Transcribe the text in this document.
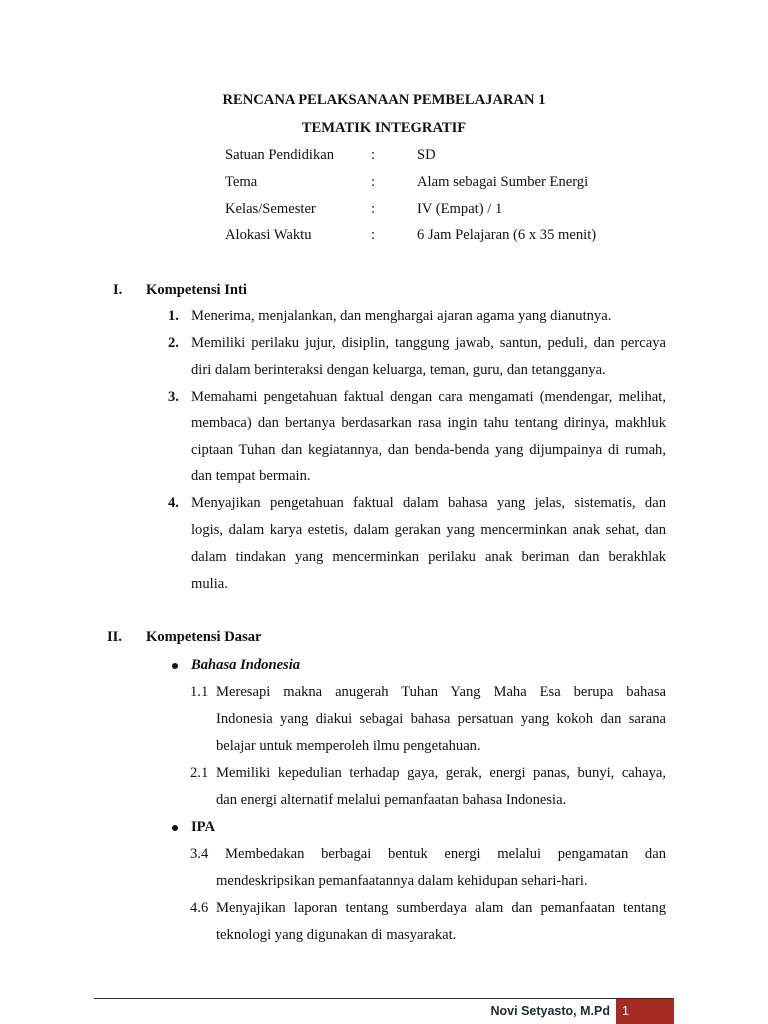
RENCANA PELAKSANAAN PEMBELAJARAN 1
TEMATIK INTEGRATIF
Satuan Pendidikan	:	SD
Tema	:	Alam sebagai Sumber Energi
Kelas/Semester	:	IV (Empat) / 1
Alokasi Waktu	:	6 Jam Pelajaran (6 x 35 menit)
I. Kompetensi Inti
1. Menerima, menjalankan, dan menghargai ajaran agama yang dianutnya.
2. Memiliki perilaku jujur, disiplin, tanggung jawab, santun, peduli, dan percaya
diri dalam berinteraksi dengan keluarga, teman, guru, dan tetangganya.
3. Memahami pengetahuan faktual dengan cara mengamati (mendengar, melihat,
membaca) dan bertanya berdasarkan rasa ingin tahu tentang dirinya, makhluk
ciptaan Tuhan dan kegiatannya, dan benda-benda yang dijumpainya di rumah,
dan tempat bermain.
4. Menyajikan pengetahuan faktual dalam bahasa yang jelas, sistematis, dan
logis, dalam karya estetis, dalam gerakan yang mencerminkan anak sehat, dan
dalam tindakan yang mencerminkan perilaku anak beriman dan berakhlak
mulia.
II. Kompetensi Dasar
Bahasa Indonesia
1.1 Meresapi makna anugerah Tuhan Yang Maha Esa berupa bahasa
Indonesia yang diakui sebagai bahasa persatuan yang kokoh dan sarana
belajar untuk memperoleh ilmu pengetahuan.
2.1 Memiliki kepedulian terhadap gaya, gerak, energi panas, bunyi, cahaya,
dan energi alternatif melalui pemanfaatan bahasa Indonesia.
IPA
3.4 Membedakan berbagai bentuk energi melalui pengamatan dan
mendeskripsikan pemanfaatannya dalam kehidupan sehari-hari.
4.6 Menyajikan laporan tentang sumberdaya alam dan pemanfaatan tentang
teknologi yang digunakan di masyarakat.
Novi Setyasto, M.Pd 1
